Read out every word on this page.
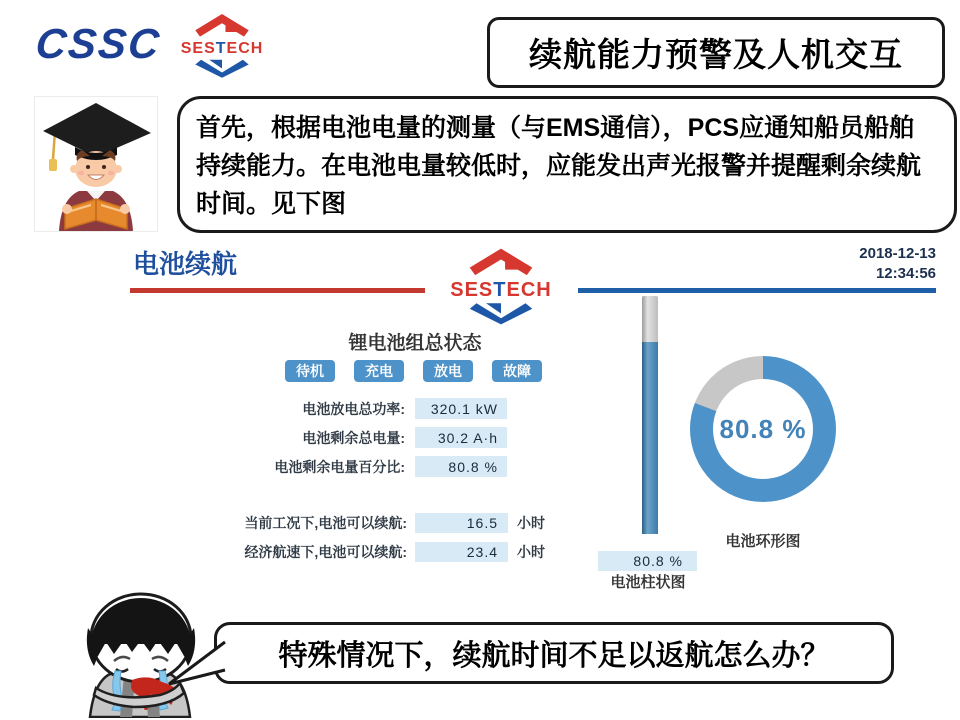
CSSC SESTECH	续航能力预警及人机交互
首先，根据电池电量的测量（与EMS通信），PCS应通知船员船舶持续能力。在电池电量较低时，应能发出声光报警并提醒剩余续航时间。见下图
电池续航
SESTECH
2018-12-13
12:34:56
锂电池组总状态
待机	充电	放电	故障
电池放电总功率:	320.1 kW
电池剩余总电量:	30.2 A·h
电池剩余电量百分比:	80.8 %
当前工况下,电池可以续航:	16.5	小时
经济航速下,电池可以续航:	23.4	小时
80.8 %
电池柱状图
80.8 %
电池环形图
特殊情况下，续航时间不足以返航怎么办？
